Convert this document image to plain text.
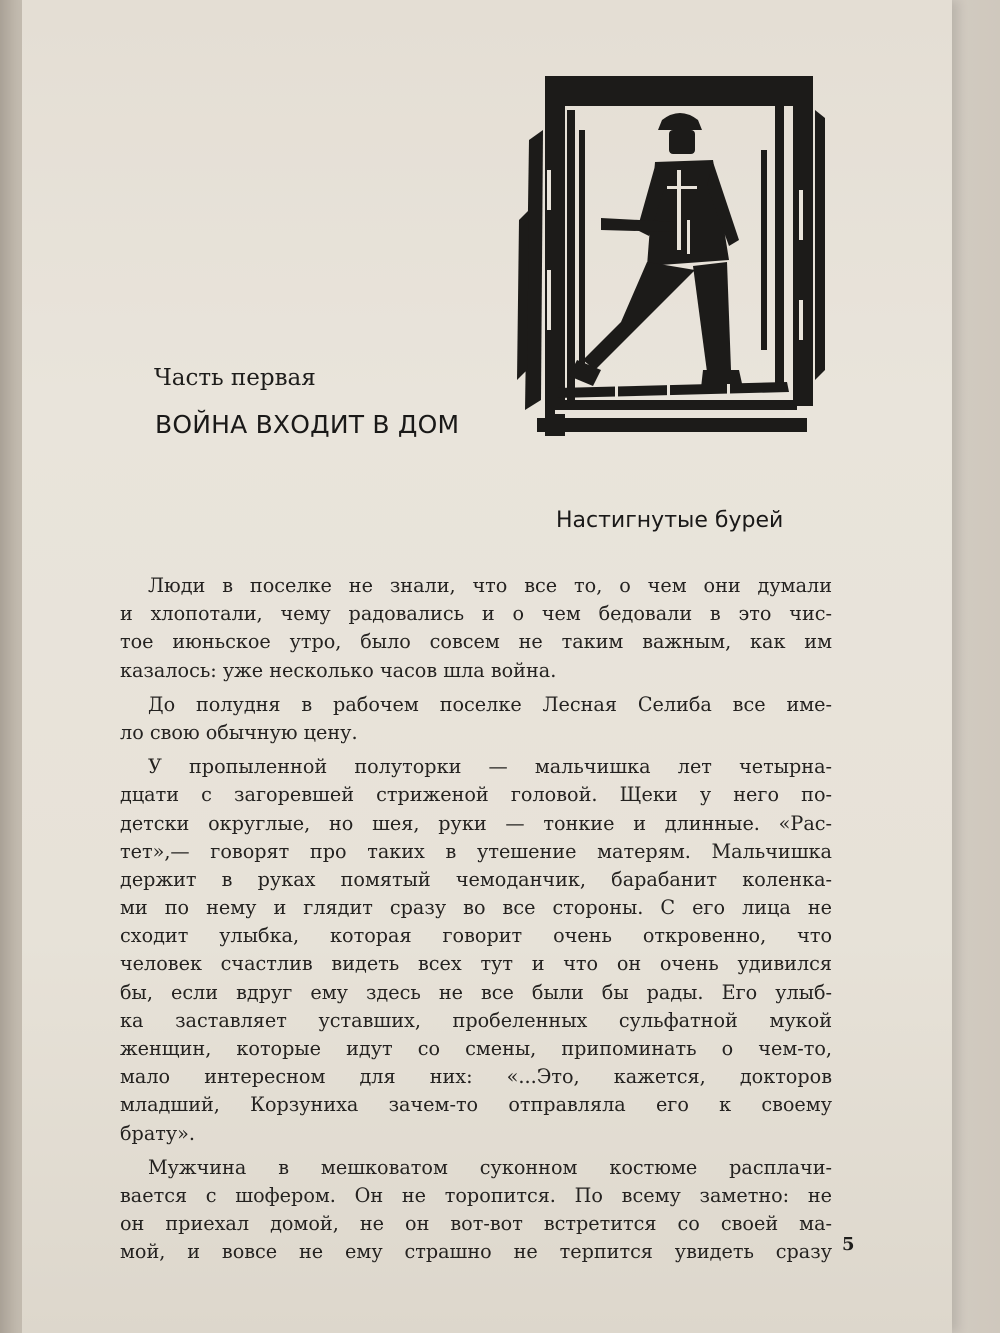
Часть первая
ВОЙНА ВХОДИТ В ДОМ
Настигнутые бурей

Люди в поселке не знали, что все то, о чем они думали
и хлопотали, чему радовались и о чем бедовали в это чис-
тое июньское утро, было совсем не таким важным, как им
казалось: уже несколько часов шла война.

До полудня в рабочем поселке Лесная Селиба все име-
ло свою обычную цену.

У пропыленной полуторки — мальчишка лет четырна-
дцати с загоревшей стриженой головой. Щеки у него по-
детски округлые, но шея, руки — тонкие и длинные. «Рас-
тет»,— говорят про таких в утешение матерям. Мальчишка
держит в руках помятый чемоданчик, барабанит коленка-
ми по нему и глядит сразу во все стороны. С его лица не
сходит улыбка, которая говорит очень откровенно, что
человек счастлив видеть всех тут и что он очень удивился
бы, если вдруг ему здесь не все были бы рады. Его улыб-
ка заставляет уставших, пробеленных сульфатной мукой
женщин, которые идут со смены, припоминать о чем-то,
мало интересном для них: «...Это, кажется, докторов
младший, Корзуниха зачем-то отправляла его к своему
брату».

Мужчина в мешковатом суконном костюме расплачи-
вается с шофером. Он не торопится. По всему заметно: не
он приехал домой, не он вот-вот встретится со своей ма-
мой, и вовсе не ему страшно не терпится увидеть сразу 5
